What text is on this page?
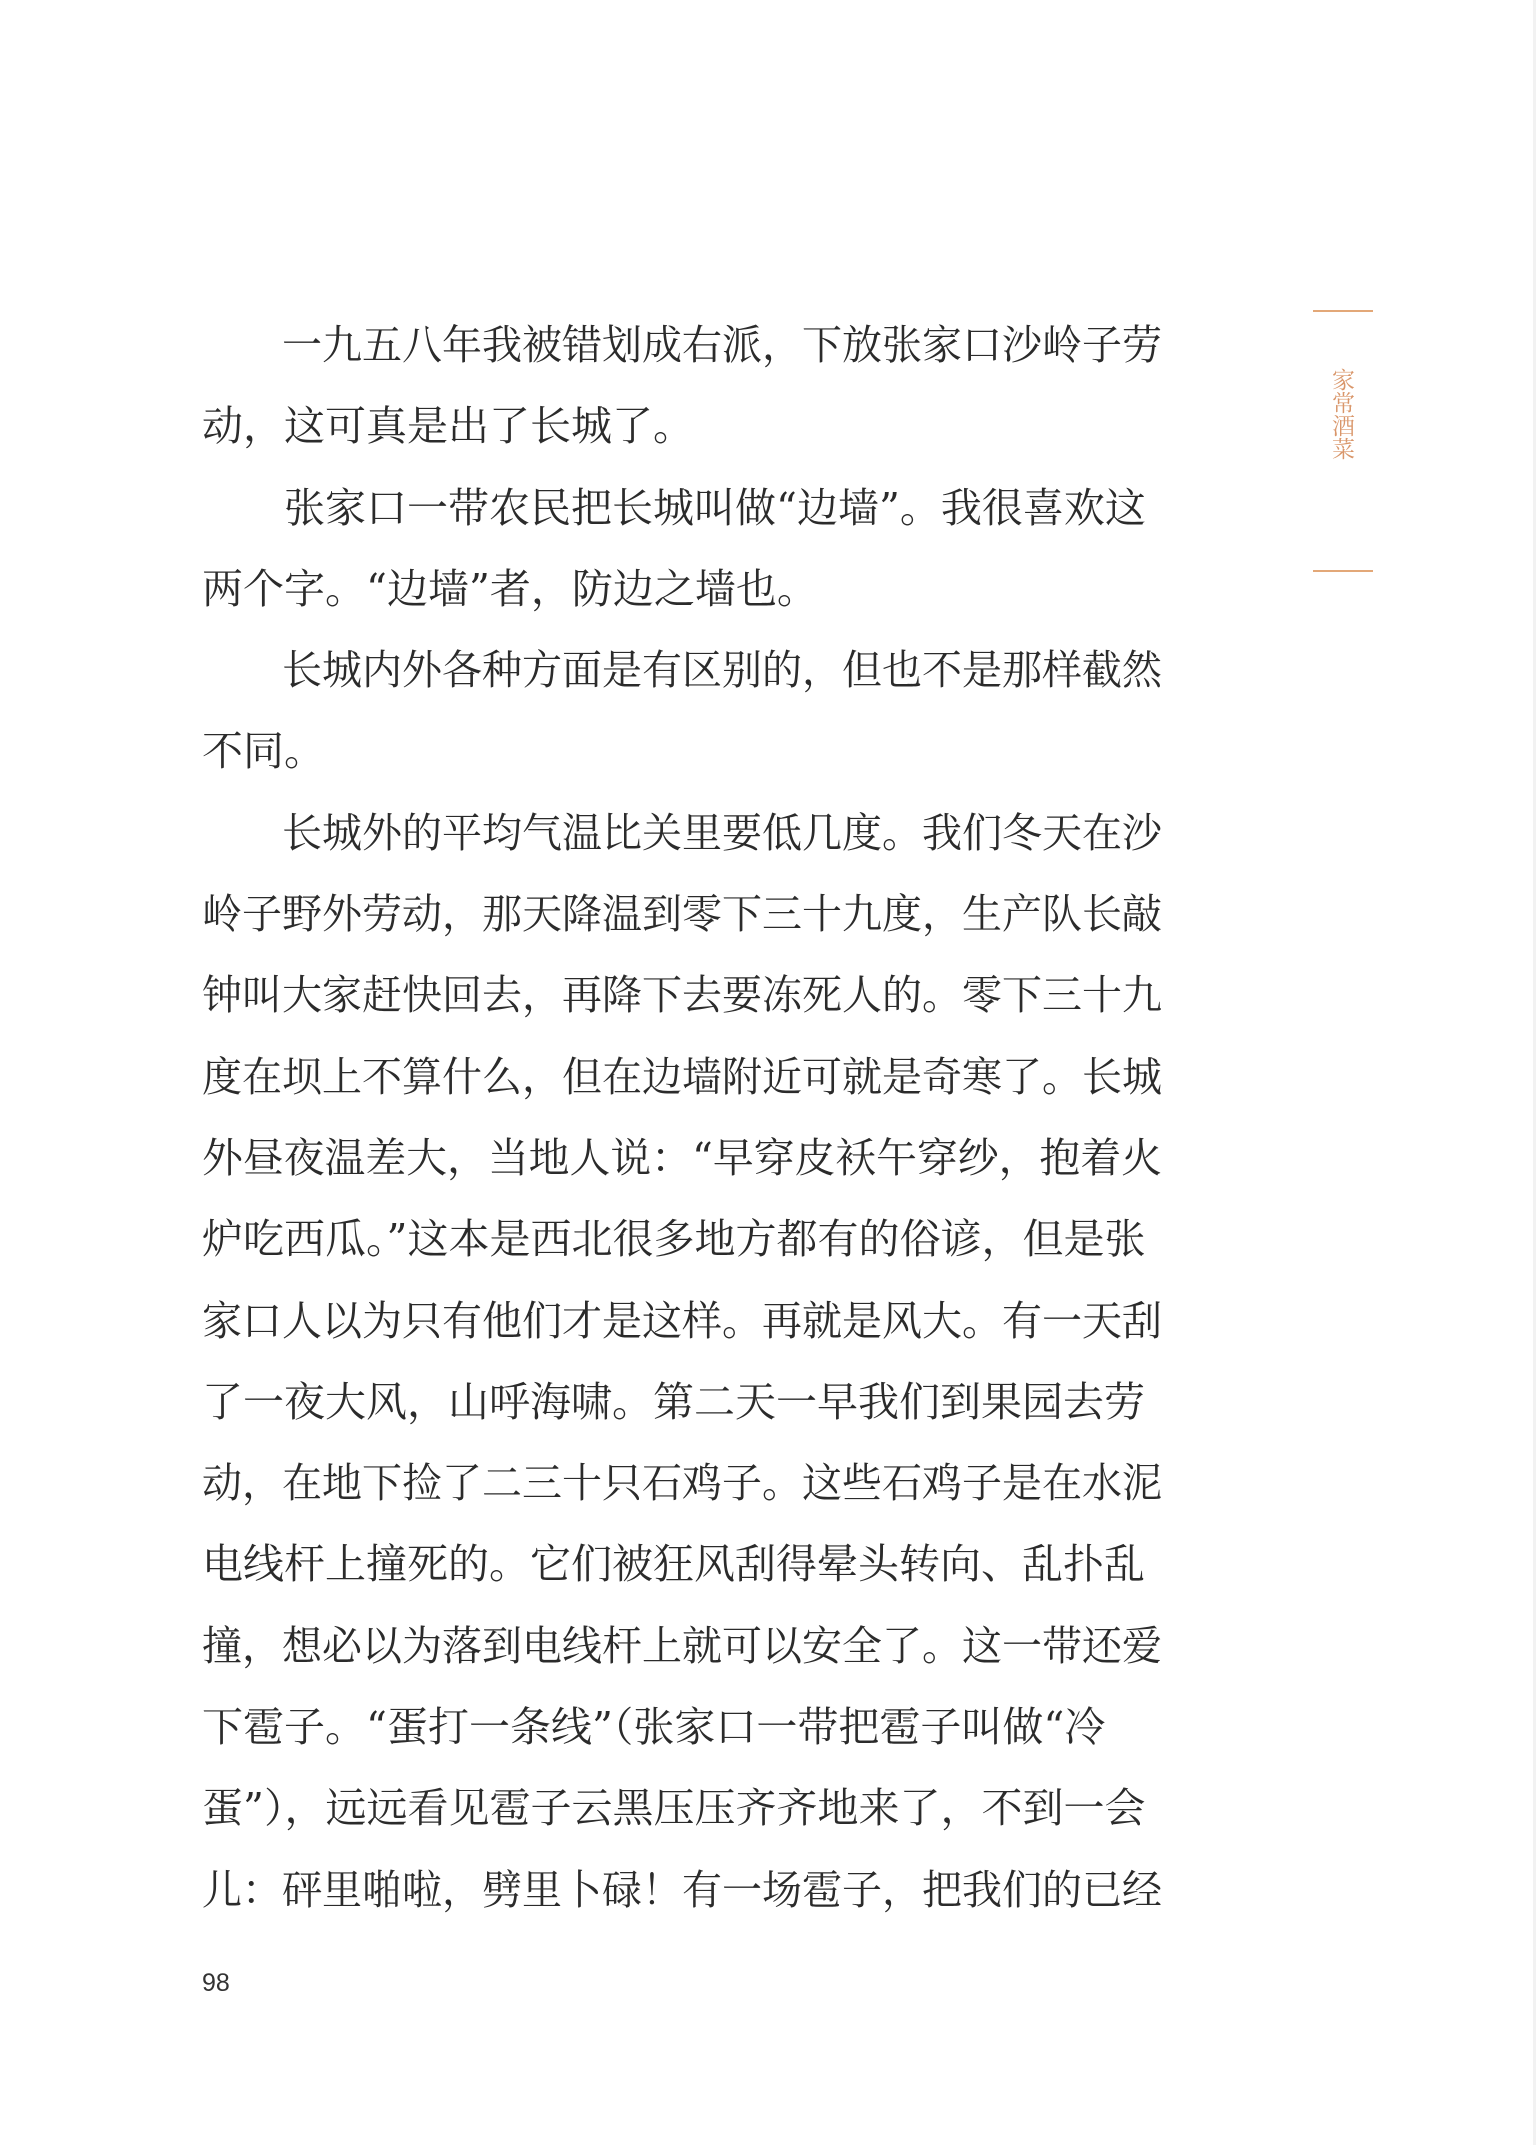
家常酒菜
　　一九五八年我被错划成右派，下放张家口沙岭子劳
动，这可真是出了长城了。
　　张家口一带农民把长城叫做“边墙”。我很喜欢这
两个字。“边墙”者，防边之墙也。
　　长城内外各种方面是有区别的，但也不是那样截然
不同。
　　长城外的平均气温比关里要低几度。我们冬天在沙
岭子野外劳动，那天降温到零下三十九度，生产队长敲
钟叫大家赶快回去，再降下去要冻死人的。零下三十九
度在坝上不算什么，但在边墙附近可就是奇寒了。长城
外昼夜温差大，当地人说：“早穿皮袄午穿纱，抱着火
炉吃西瓜。”这本是西北很多地方都有的俗谚，但是张
家口人以为只有他们才是这样。再就是风大。有一天刮
了一夜大风，山呼海啸。第二天一早我们到果园去劳
动，在地下捡了二三十只石鸡子。这些石鸡子是在水泥
电线杆上撞死的。它们被狂风刮得晕头转向、乱扑乱
撞，想必以为落到电线杆上就可以安全了。这一带还爱
下雹子。“蛋打一条线”（张家口一带把雹子叫做“冷
蛋”），远远看见雹子云黑压压齐齐地来了，不到一会
儿：砰里啪啦，劈里卜碌！有一场雹子，把我们的已经
98
